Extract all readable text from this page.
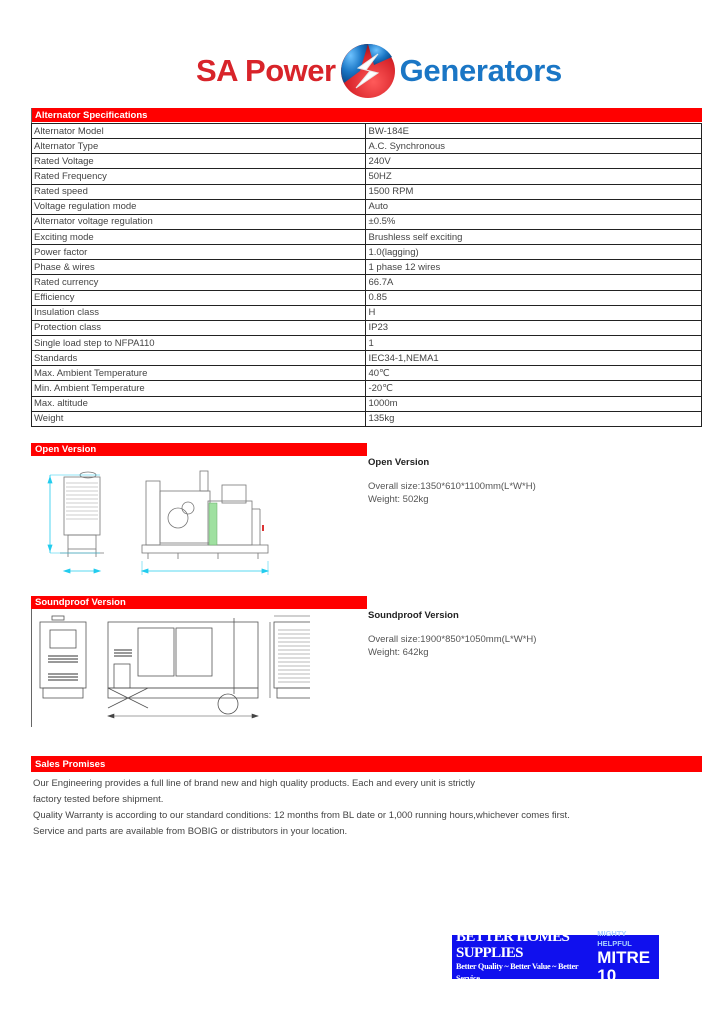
SA Power Generators
Alternator Specifications
Alternator Model	BW-184E
Alternator Type	A.C. Synchronous
Rated Voltage	240V
Rated Frequency	50HZ
Rated speed	1500 RPM
Voltage regulation mode	Auto
Alternator voltage regulation	±0.5%
Exciting mode	Brushless self exciting
Power factor	1.0(lagging)
Phase & wires	1 phase 12 wires
Rated currency	66.7A
Efficiency	0.85
Insulation class	H
Protection class	IP23
Single load step to NFPA110	1
Standards	IEC34-1,NEMA1
Max. Ambient Temperature	40℃
Min. Ambient Temperature	-20℃
Max. altitude	1000m
Weight	135kg
Open Version
Open Version
Overall size:1350*610*1100mm(L*W*H)
Weight: 502kg
Soundproof Version
Soundproof Version
Overall size:1900*850*1050mm(L*W*H)
Weight: 642kg
Sales Promises
Our Engineering provides a full line of brand new and high quality products. Each and every unit is strictly
factory tested before shipment.
Quality Warranty is according to our standard conditions: 12 months from BL date or 1,000 running hours,whichever comes first.
Service and parts are available from BOBIG or distributors in your location.
BETTER HOMES SUPPLIES
Better Quality ~ Better Value ~ Better Service
MIGHTY HELPFUL
MITRE 10
